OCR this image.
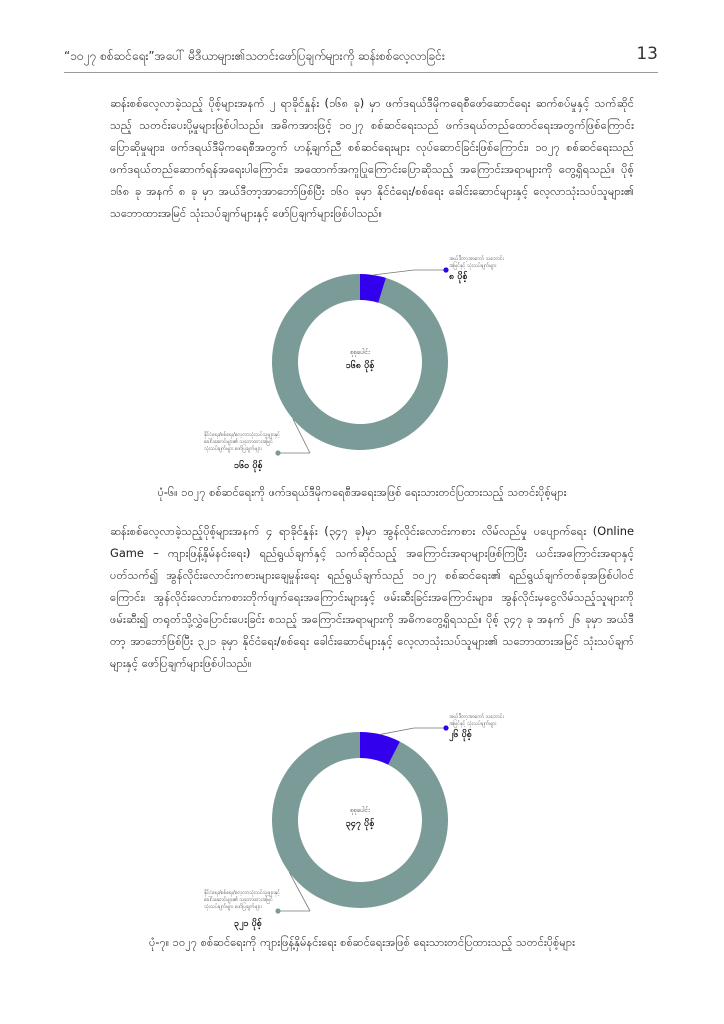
“၁၀၂၇ စစ်ဆင်ရေး”အပေါ် မီဒီယာများ၏သတင်းဖော်ပြချက်များကို ဆန်းစစ်လေ့လာခြင်း	13

ဆန်းစစ်လေ့လာခဲ့သည့် ပိုစ့်များအနက် ၂ ရာခိုင်နှုန်း (၁၆၈ ခု) မှာ ဖက်ဒရယ်ဒီမိုကရေစီဖော်ဆောင်ရေး ဆက်စပ်မှုနှင့် သက်ဆိုင်သည့် သတင်းပေးပို့မှုများဖြစ်ပါသည်။ အဓိကအားဖြင့် ၁၀၂၇ စစ်ဆင်ရေးသည် ဖက်ဒရယ်တည်ထောင်ရေးအတွက်ဖြစ်ကြောင်း ပြောဆိုမှုများ၊ ဖက်ဒရယ်ဒီမိုကရေစီအတွက် ဟန့်ချက်ညီ စစ်ဆင်ရေးများ လုပ်ဆောင်ခြင်းဖြစ်ကြောင်း၊ ၁၀၂၇ စစ်ဆင်ရေးသည် ဖက်ဒရယ်တည်ဆောက်ရန်အရေးပါကြောင်း၊ အထောက်အကူပြုကြောင်းပြောဆိုသည့် အကြောင်းအရာများကို တွေ့ရှိရသည်။ ပိုစ့် ၁၆၈ ခု အနက် ၈ ခု မှာ အယ်ဒီတာ့အာဘော်ဖြစ်ပြီး ၁၆၀ ခုမှာ နိုင်ငံရေး/စစ်ရေး ခေါင်းဆောင်များနှင့် လေ့လာသုံးသပ်သူများ၏ သဘောထားအမြင် သုံးသပ်ချက်များနှင့် ဖော်ပြချက်များဖြစ်ပါသည်။

အယ်ဒီတာ့အာဘော် သဘောင်း
အမြင်နှင့် သုံးသပ်ချက်များ
၈ ပိုစ့်
စုစုပေါင်း
၁၆၈ ပိုစ့်
နိုင်ငံရေး/စစ်ရေး/လေ့လာသုံးသပ်သူများနှင့်
ခေါင်းဆောင်များ၏ သဘောထားအမြင်
သုံးသပ်ချက်များ ဖော်ပြချက်များ
၁၆၀ ပိုစ့်
ပုံ-၆။ ၁၀၂၇ စစ်ဆင်ရေးကို ဖက်ဒရယ်ဒီမိုကရေစီအရေးအဖြစ် ရေးသားတင်ပြထားသည့် သတင်းပိုစ့်များ

ဆန်းစစ်လေ့လာခဲ့သည့်ပိုစ့်များအနက် ၄ ရာခိုင်နှုန်း (၃၄၇ ခု)မှာ အွန်လိုင်းလောင်းကစား လိမ်လည်မှု ပပျောက်ရေး (Online Game – ကျားဖြန့်နှိမ်နင်းရေး) ရည်ရွယ်ချက်နှင့် သက်ဆိုင်သည့် အကြောင်းအရာများဖြစ်ကြပြီး ယင်းအကြောင်းအရာနှင့်ပတ်သက်၍ အွန်လိုင်းလောင်းကစားများချေမှုန်းရေး ရည်ရွယ်ချက်သည် ၁၀၂၇ စစ်ဆင်ရေး၏ ရည်ရွယ်ချက်တစ်ခုအဖြစ်ပါဝင်ကြောင်း၊ အွန်လိုင်းလောင်းကစားတိုက်ဖျက်ရေးအကြောင်းများနှင့် ဖမ်းဆီးခြင်းအကြောင်းများ၊ အွန်လိုင်းမှငွေလိမ်သည့်သူများကို ဖမ်းဆီး၍ တရုတ်သို့လွှဲပြောင်းပေးခြင်း စသည့် အကြောင်းအရာများကို အဓိကတွေ့ရှိရသည်။ ပိုစ့် ၃၄၇ ခု အနက် ၂၆ ခုမှာ အယ်ဒီတာ့ အာဘော်ဖြစ်ပြီး ၃၂၁ ခုမှာ နိုင်ငံရေး/စစ်ရေး ခေါင်းဆောင်များနှင့် လေ့လာသုံးသပ်သူများ၏ သဘောထားအမြင် သုံးသပ်ချက်များနှင့် ဖော်ပြချက်များဖြစ်ပါသည်။

အယ်ဒီတာ့အာဘော် သဘောင်း
အမြင်နှင့် သုံးသပ်ချက်များ
၂၆ ပိုစ့်
စုစုပေါင်း
၃၄၇ ပိုစ့်
နိုင်ငံရေး/စစ်ရေး/လေ့လာသုံးသပ်သူများနှင့်
ခေါင်းဆောင်များ၏ သဘောထားအမြင်
သုံးသပ်ချက်များ ဖော်ပြချက်များ
၃၂၁ ပိုစ့်
ပုံ-၇။ ၁၀၂၇ စစ်ဆင်ရေးကို ကျားဖြန့်နှိမ်နင်းရေး စစ်ဆင်ရေးအဖြစ် ရေးသားတင်ပြထားသည့် သတင်းပိုစ့်များ
